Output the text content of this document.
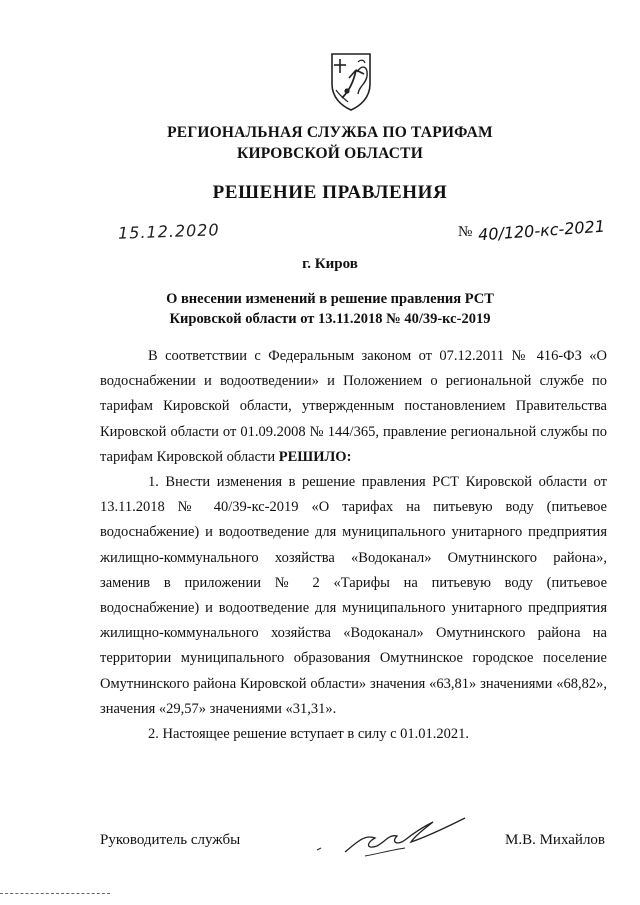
РЕГИОНАЛЬНАЯ СЛУЖБА ПО ТАРИФАМ
КИРОВСКОЙ ОБЛАСТИ
РЕШЕНИЕ ПРАВЛЕНИЯ
15.12.2020	№ 40/120-кс-2021
г. Киров
О внесении изменений в решение правления РСТ
Кировской области от 13.11.2018 № 40/39-кс-2019

В соответствии с Федеральным законом от 07.12.2011 № 416-ФЗ «О водоснабжении и водоотведении» и Положением о региональной службе по тарифам Кировской области, утвержденным постановлением Правительства Кировской области от 01.09.2008 № 144/365, правление региональной службы по тарифам Кировской области РЕШИЛО:

1. Внести изменения в решение правления РСТ Кировской области от 13.11.2018 № 40/39-кс-2019 «О тарифах на питьевую воду (питьевое водоснабжение) и водоотведение для муниципального унитарного предприятия жилищно-коммунального хозяйства «Водоканал» Омутнинского района», заменив в приложении № 2 «Тарифы на питьевую воду (питьевое водоснабжение) и водоотведение для муниципального унитарного предприятия жилищно-коммунального хозяйства «Водоканал» Омутнинского района на территории муниципального образования Омутнинское городское поселение Омутнинского района Кировской области» значения «63,81» значениями «68,82», значения «29,57» значениями «31,31».

2. Настоящее решение вступает в силу с 01.01.2021.

Руководитель службы	М.В. Михайлов
